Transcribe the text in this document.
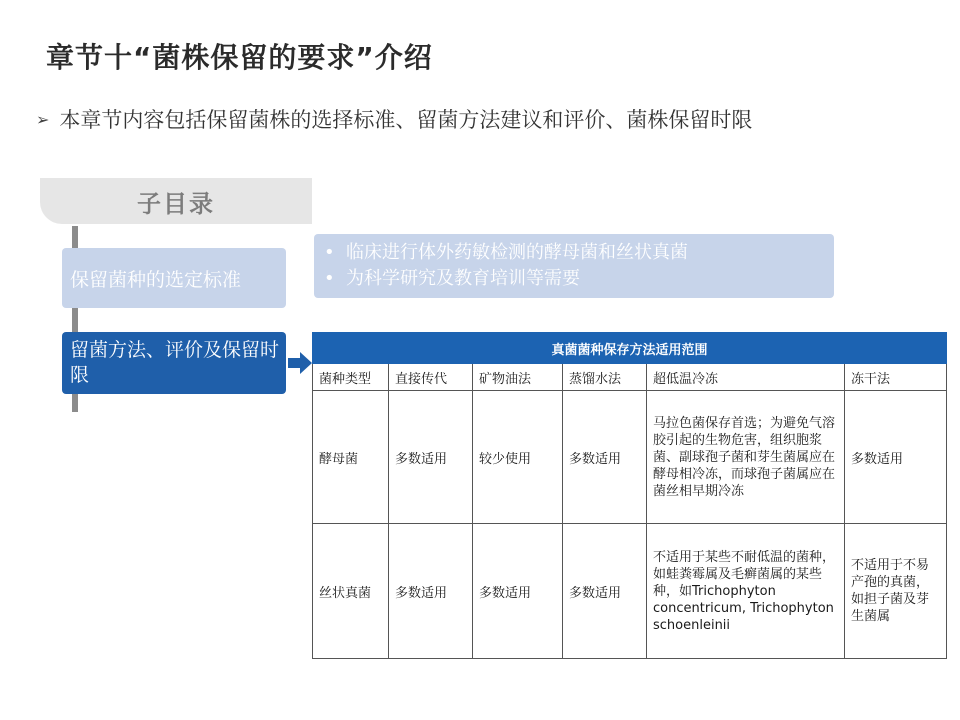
章节十“菌株保留的要求”介绍
➢ 本章节内容包括保留菌株的选择标准、留菌方法建议和评价、菌株保留时限
子目录
保留菌种的选定标准
• 临床进行体外药敏检测的酵母菌和丝状真菌
• 为科学研究及教育培训等需要
留菌方法、评价及保留时限
真菌菌种保存方法适用范围					
菌种类型	直接传代	矿物油法	蒸馏水法	超低温冷冻	冻干法
酵母菌	多数适用	较少使用	多数适用	马拉色菌保存首选；为避免气溶胶引起的生物危害，组织胞浆菌、副球孢子菌和芽生菌属应在酵母相冷冻，而球孢子菌属应在菌丝相早期冷冻	多数适用
丝状真菌	多数适用	多数适用	多数适用	不适用于某些不耐低温的菌种，如蛙粪霉属及毛癣菌属的某些种，如Trichophyton concentricum, Trichophyton schoenleinii	不适用于不易产孢的真菌，如担子菌及芽生菌属
